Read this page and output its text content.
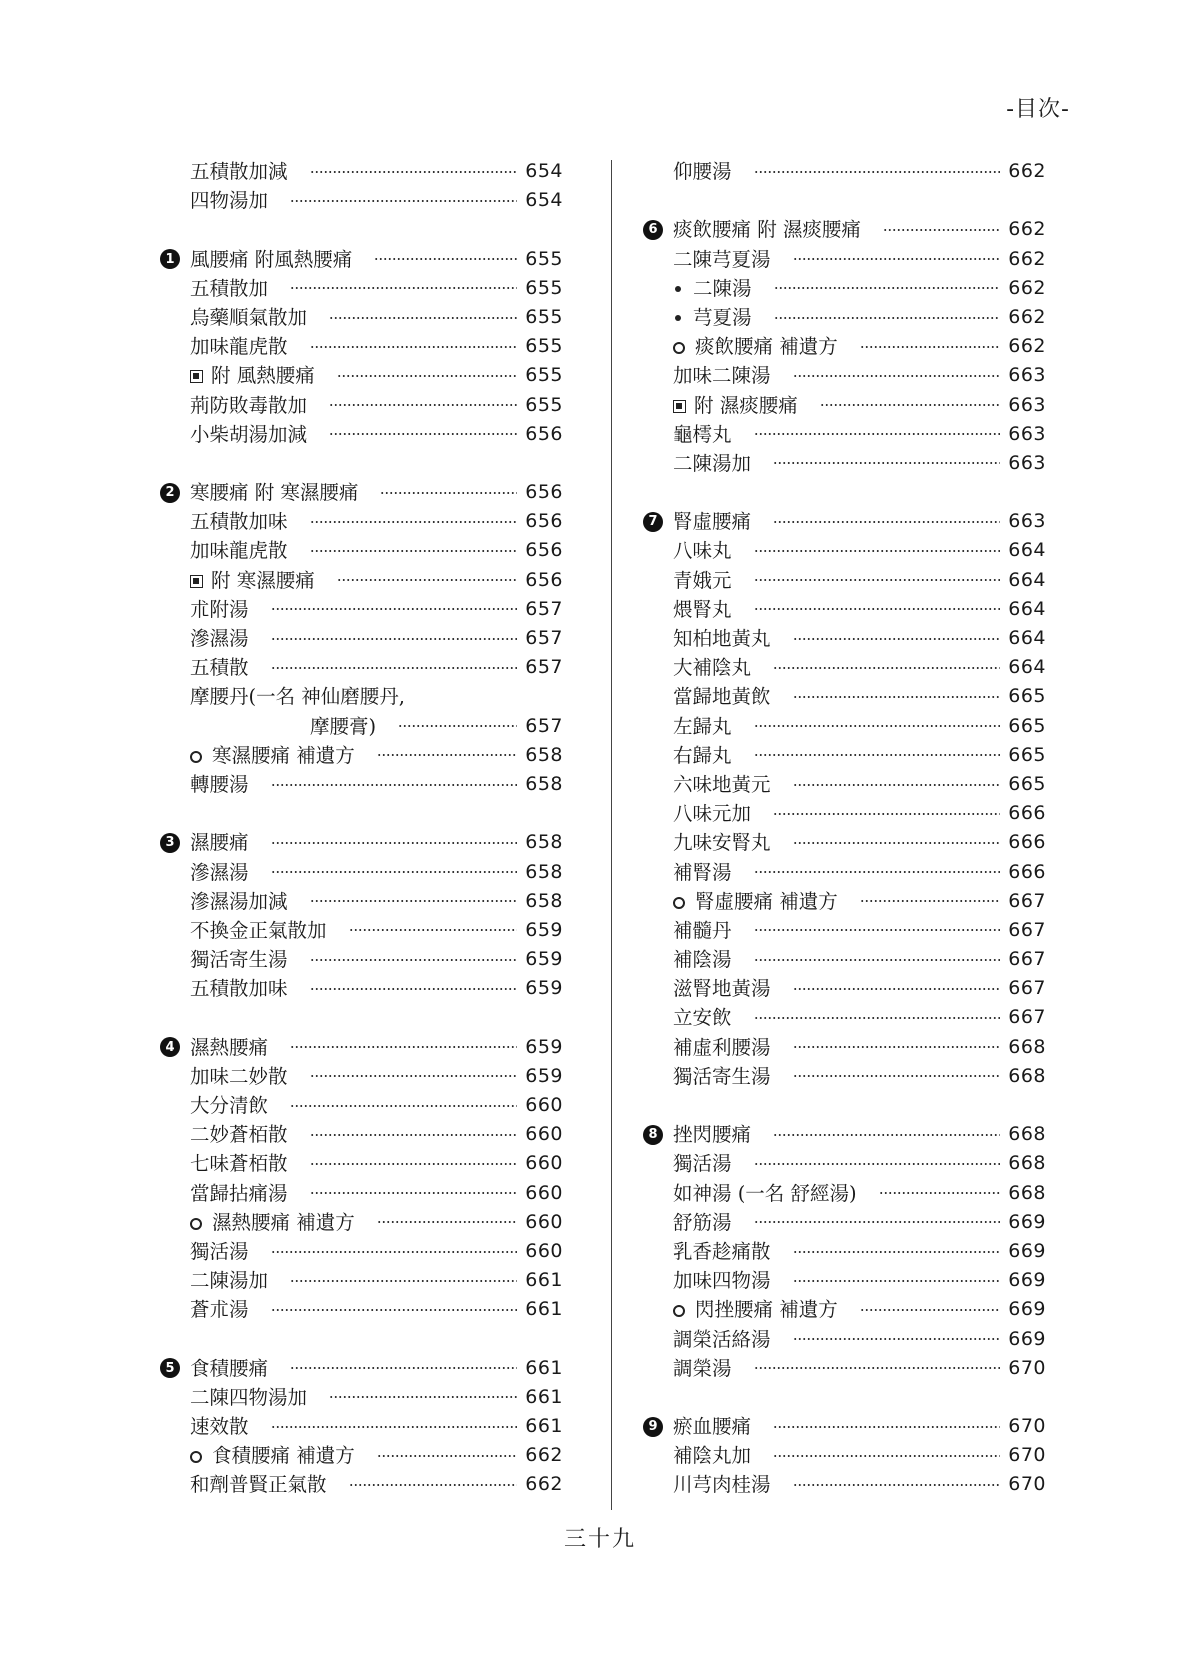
-目次-
五積散加減	654
四物湯加	654
1 風腰痛 附風熱腰痛	655
五積散加	655
烏藥順氣散加	655
加味龍虎散	655
附 風熱腰痛	655
荊防敗毒散加	655
小柴胡湯加減	656
2 寒腰痛 附 寒濕腰痛	656
五積散加味	656
加味龍虎散	656
附 寒濕腰痛	656
朮附湯	657
滲濕湯	657
五積散	657
摩腰丹(一名 神仙磨腰丹,
摩腰膏)	657
寒濕腰痛 補遺方	658
轉腰湯	658
3 濕腰痛	658
滲濕湯	658
滲濕湯加減	658
不換金正氣散加	659
獨活寄生湯	659
五積散加味	659
4 濕熱腰痛	659
加味二妙散	659
大分清飲	660
二妙蒼栢散	660
七味蒼栢散	660
當歸拈痛湯	660
濕熱腰痛 補遺方	660
獨活湯	660
二陳湯加	661
蒼朮湯	661
5 食積腰痛	661
二陳四物湯加	661
速效散	661
食積腰痛 補遺方	662
和劑普賢正氣散	662
仰腰湯	662
6 痰飲腰痛 附 濕痰腰痛	662
二陳芎夏湯	662
二陳湯	662
芎夏湯	662
痰飲腰痛 補遺方	662
加味二陳湯	663
附 濕痰腰痛	663
龜樗丸	663
二陳湯加	663
7 腎虛腰痛	663
八味丸	664
青娥元	664
煨腎丸	664
知柏地黃丸	664
大補陰丸	664
當歸地黃飲	665
左歸丸	665
右歸丸	665
六味地黃元	665
八味元加	666
九味安腎丸	666
補腎湯	666
腎虛腰痛 補遺方	667
補髓丹	667
補陰湯	667
滋腎地黃湯	667
立安飲	667
補虛利腰湯	668
獨活寄生湯	668
8 挫閃腰痛	668
獨活湯	668
如神湯 (一名 舒經湯)	668
舒筋湯	669
乳香趁痛散	669
加味四物湯	669
閃挫腰痛 補遺方	669
調榮活絡湯	669
調榮湯	670
9 瘀血腰痛	670
補陰丸加	670
川芎肉桂湯	670
三十九
